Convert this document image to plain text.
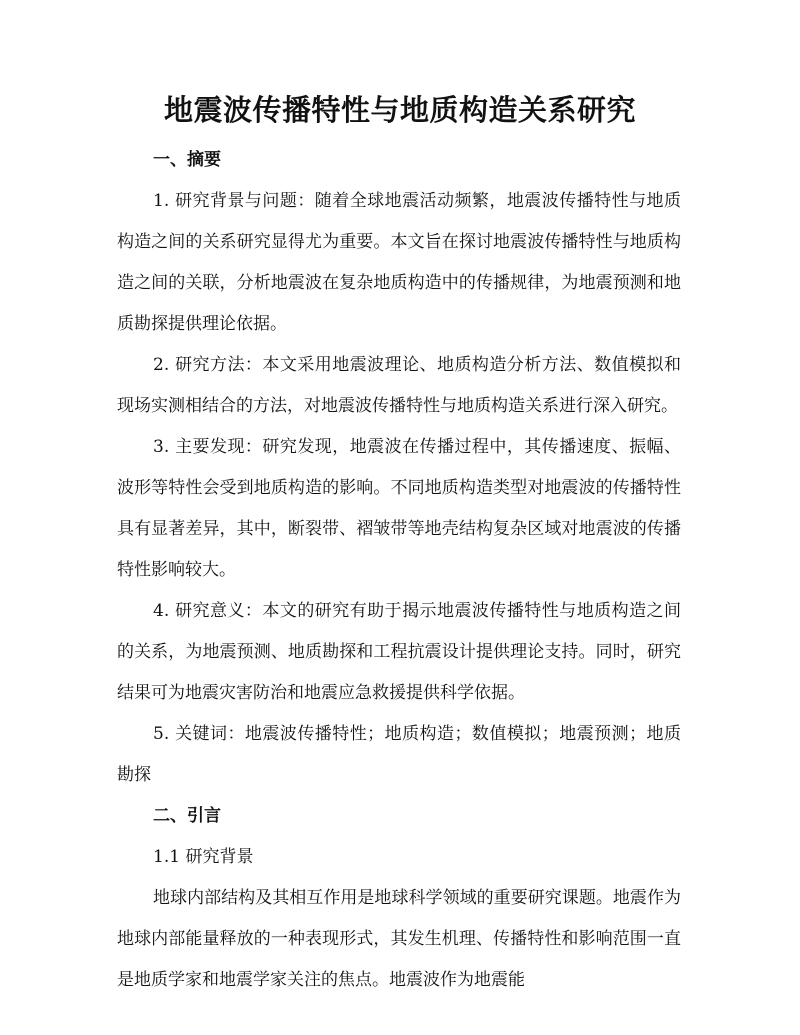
地震波传播特性与地质构造关系研究
一、摘要

1. 研究背景与问题：随着全球地震活动频繁，地震波传播特性与地质构造之间的关系研究显得尤为重要。本文旨在探讨地震波传播特性与地质构造之间的关联，分析地震波在复杂地质构造中的传播规律，为地震预测和地质勘探提供理论依据。

2. 研究方法：本文采用地震波理论、地质构造分析方法、数值模拟和现场实测相结合的方法，对地震波传播特性与地质构造关系进行深入研究。

3. 主要发现：研究发现，地震波在传播过程中，其传播速度、振幅、波形等特性会受到地质构造的影响。不同地质构造类型对地震波的传播特性具有显著差异，其中，断裂带、褶皱带等地壳结构复杂区域对地震波的传播特性影响较大。

4. 研究意义：本文的研究有助于揭示地震波传播特性与地质构造之间的关系，为地震预测、地质勘探和工程抗震设计提供理论支持。同时，研究结果可为地震灾害防治和地震应急救援提供科学依据。

5. 关键词：地震波传播特性；地质构造；数值模拟；地震预测；地质勘探

二、引言
1.1 研究背景

地球内部结构及其相互作用是地球科学领域的重要研究课题。地震作为地球内部能量释放的一种表现形式，其发生机理、传播特性和影响范围一直是地质学家和地震学家关注的焦点。地震波作为地震能
